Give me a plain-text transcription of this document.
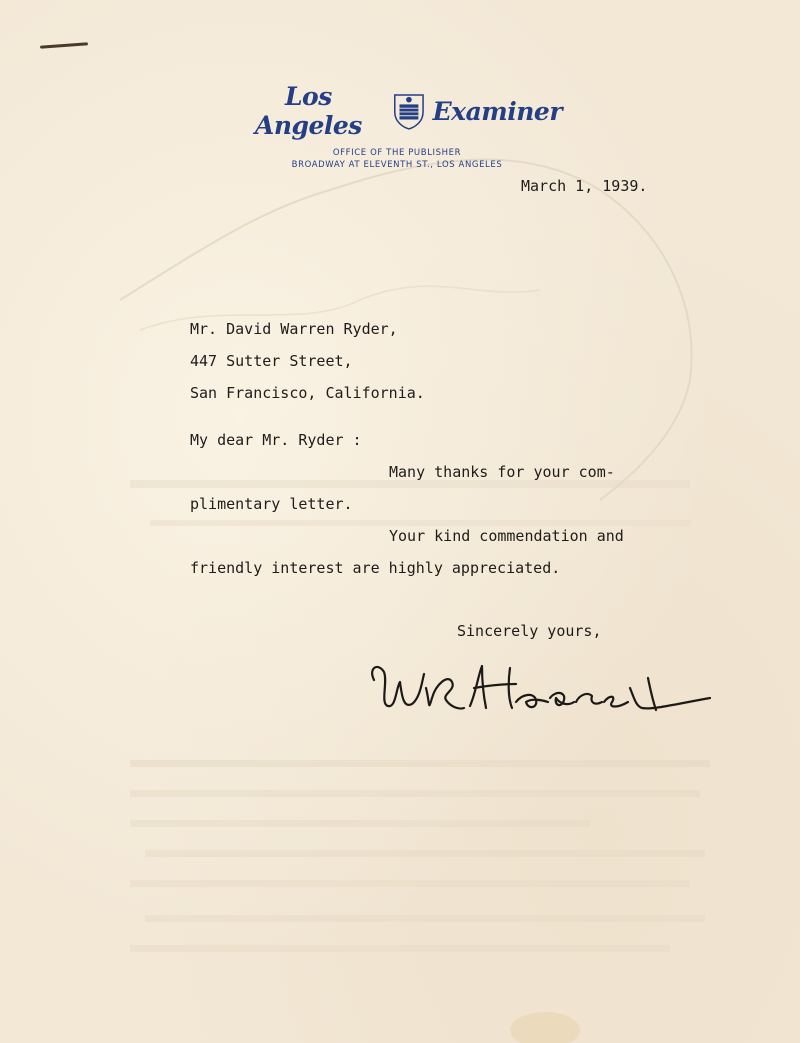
Los Angeles	Examiner
OFFICE OF THE PUBLISHER
BROADWAY AT ELEVENTH ST., LOS ANGELES
March 1, 1939.
Mr. David Warren Ryder,
447 Sutter Street,
San Francisco, California.
My dear Mr. Ryder :
Many thanks for your com-
plimentary letter.
Your kind commendation and
friendly interest are highly appreciated.
Sincerely yours,
